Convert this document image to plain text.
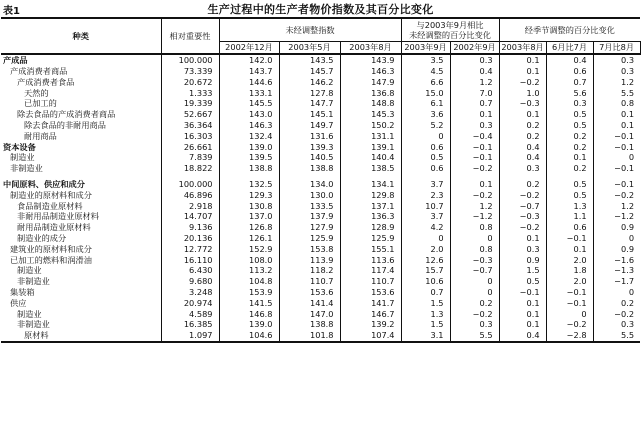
表1	生产过程中的生产者物价指数及其百分比变化
种类	相对重要性	未经调整指数			与2003年9月相比
未经调整的百分比变化		经季节调整的百分比变化			
		2002年12月	2003年5月	2003年8月	2003年9月	2002年9月	2003年8月	6月比7月	7月比8月	
产成品	100.000	142.0	143.5	143.9	3.5	0.3	0.1	0.4	0.3	
产成消费者商品	73.339	143.7	145.7	146.3	4.5	0.4	0.1	0.6	0.3	
产成消费者食品	20.672	144.6	146.2	147.9	6.6	1.2	−0.2	0.7	1.2	
天然的	1.333	133.1	127.8	136.8	15.0	7.0	1.0	5.6	5.5	
已加工的	19.339	145.5	147.7	148.8	6.1	0.7	−0.3	0.3	0.8	
除去食品的产成消费者商品	52.667	143.0	145.1	145.3	3.6	0.1	0.1	0.5	0.1	
除去食品的非耐用商品	36.364	146.3	149.7	150.2	5.2	0.3	0.2	0.5	0.1	
耐用商品	16.303	132.4	131.6	131.1	0	−0.4	0.2	0.2	−0.1	
资本设备	26.661	139.0	139.3	139.1	0.6	−0.1	0.4	0.2	−0.1	
制造业	7.839	139.5	140.5	140.4	0.5	−0.1	0.4	0.1	0	
非制造业	18.822	138.8	138.8	138.5	0.6	−0.2	0.3	0.2	−0.1	

中间原料、供应和成分	100.000	132.5	134.0	134.1	3.7	0.1	0.2	0.5	−0.1	
制造业的原材料和成分	46.896	129.3	130.0	129.8	2.3	−0.2	−0.2	0.5	−0.2	
食品制造业原材料	2.918	130.8	133.5	137.1	10.7	1.2	−0.7	1.3	1.2	
非耐用品制造业原材料	14.707	137.0	137.9	136.3	3.7	−1.2	−0.3	1.1	−1.2	
耐用品制造业原材料	9.136	126.8	127.9	128.9	4.2	0.8	−0.2	0.6	0.9	
制造业的成分	20.136	126.1	125.9	125.9	0	0	0.1	−0.1	0	
建筑业的原材料和成分	12.772	152.9	153.8	155.1	2.0	0.8	0.3	0.1	0.9	
已加工的燃料和润滑油	16.110	108.0	113.9	113.6	12.6	−0.3	0.9	2.0	−1.6	
制造业	6.430	113.2	118.2	117.4	15.7	−0.7	1.5	1.8	−1.3	
非制造业	9.680	104.8	110.7	110.7	10.6	0	0.5	2.0	−1.7	
集装箱	3.248	153.9	153.6	153.6	0.7	0	−0.1	−0.1	0	
供应	20.974	141.5	141.4	141.7	1.5	0.2	0.1	−0.1	0.2	
制造业	4.589	146.8	147.0	146.7	1.3	−0.2	0.1	0	−0.2	
非制造业	16.385	139.0	138.8	139.2	1.5	0.3	0.1	−0.2	0.3	
原材料	1.097	104.6	101.8	107.4	3.1	5.5	0.4	−2.8	5.5	
